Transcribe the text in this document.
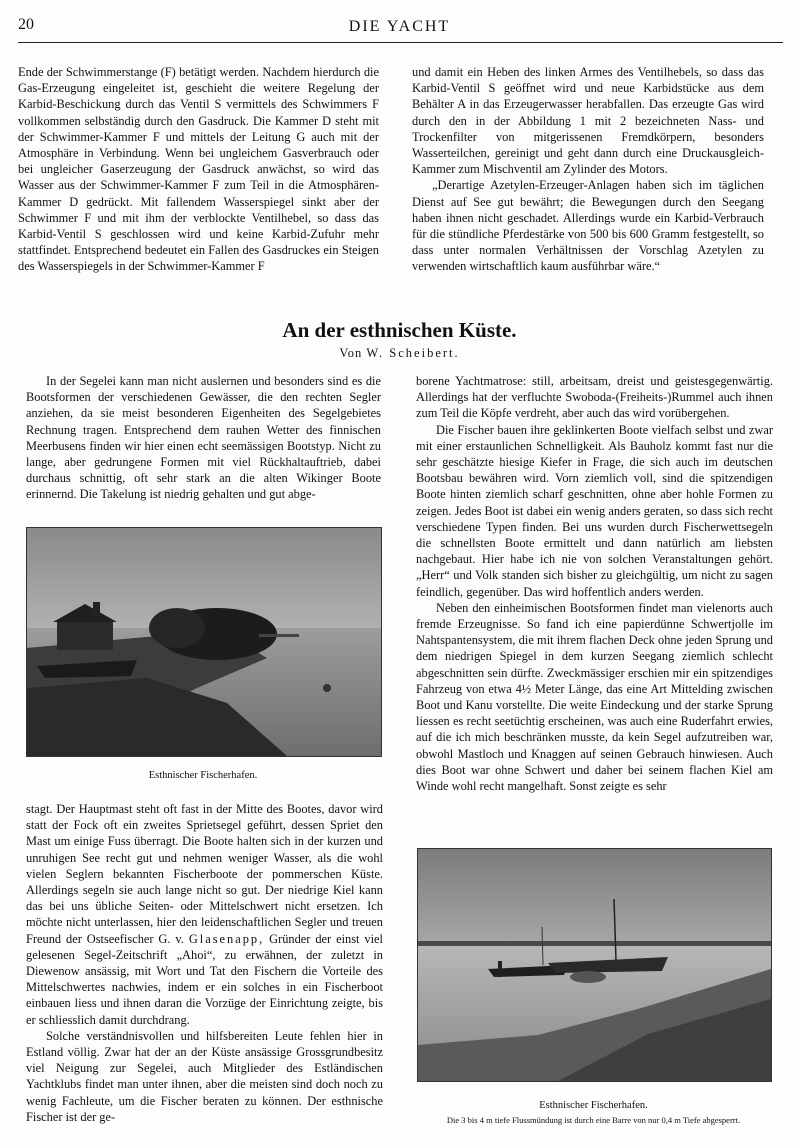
20	DIE YACHT

Ende der Schwimmerstange (F) betätigt werden. Nachdem hierdurch die Gas-Erzeugung eingeleitet ist, geschieht die weitere Regelung der Karbid-Beschickung durch das Ventil S vermittels des Schwimmers F vollkommen selbständig durch den Gasdruck. Die Kammer D steht mit der Schwimmer-Kammer F und mittels der Leitung G auch mit der Atmosphäre in Verbindung. Wenn bei ungleichem Gasverbrauch oder bei ungleicher Gaserzeugung der Gasdruck anwächst, so wird das Wasser aus der Schwimmer-Kammer F zum Teil in die Atmosphären-Kammer D gedrückt. Mit fallendem Wasserspiegel sinkt aber der Schwimmer F und mit ihm der verblockte Ventilhebel, so dass das Karbid-Ventil S geschlossen wird und keine Karbid-Zufuhr mehr stattfindet. Entsprechend bedeutet ein Fallen des Gasdruckes ein Steigen des Wasserspiegels in der Schwimmer-Kammer F

und damit ein Heben des linken Armes des Ventilhebels, so dass das Karbid-Ventil S geöffnet wird und neue Karbidstücke aus dem Behälter A in das Erzeugerwasser herabfallen. Das erzeugte Gas wird durch den in der Abbildung 1 mit 2 bezeichneten Nass- und Trockenfilter von mitgerissenen Fremdkörpern, besonders Wasserteilchen, gereinigt und geht dann durch eine Druckausgleich-Kammer zum Mischventil am Zylinder des Motors.

„Derartige Azetylen-Erzeuger-Anlagen haben sich im täglichen Dienst auf See gut bewährt; die Bewegungen durch den Seegang haben ihnen nicht geschadet. Allerdings wurde ein Karbid-Verbrauch für die stündliche Pferdestärke von 500 bis 600 Gramm festgestellt, so dass unter normalen Verhältnissen der Vorschlag Azetylen zu verwenden wirtschaftlich kaum ausführbar wäre.“

An der esthnischen Küste.
Von W. Scheibert.

In der Segelei kann man nicht auslernen und besonders sind es die Bootsformen der verschiedenen Gewässer, die den rechten Segler anziehen, da sie meist besonderen Eigenheiten des Segelgebietes Rechnung tragen. Entsprechend dem rauhen Wetter des finnischen Meerbusens finden wir hier einen echt seemässigen Bootstyp. Nicht zu lange, aber gedrungene Formen mit viel Rückhaltauftrieb, dabei durchaus schnittig, oft sehr stark an die alten Wikinger Boote erinnernd. Die Takelung ist niedrig gehalten und gut abge-

Esthnischer Fischerhafen.

stagt. Der Hauptmast steht oft fast in der Mitte des Bootes, davor wird statt der Fock oft ein zweites Sprietsegel geführt, dessen Spriet den Mast um einige Fuss überragt. Die Boote halten sich in der kurzen und unruhigen See recht gut und nehmen weniger Wasser, als die wohl vielen Seglern bekannten Fischerboote der pommerschen Küste. Allerdings segeln sie auch lange nicht so gut. Der niedrige Kiel kann das bei uns übliche Seiten- oder Mittelschwert nicht ersetzen. Ich möchte nicht unterlassen, hier den leidenschaftlichen Segler und treuen Freund der Ostseefischer G. v. Glasenapp, Gründer der einst viel gelesenen Segel-Zeitschrift „Ahoi“, zu erwähnen, der zuletzt in Diewenow ansässig, mit Wort und Tat den Fischern die Vorteile des Mittelschwertes nachwies, indem er ein solches in ein Fischerboot einbauen liess und ihnen daran die Vorzüge der Einrichtung zeigte, bis er schliesslich damit durchdrang.

Solche verständnisvollen und hilfsbereiten Leute fehlen hier in Estland völlig. Zwar hat der an der Küste ansässige Grossgrundbesitz viel Neigung zur Segelei, auch Mitglieder des Estländischen Yachtklubs findet man unter ihnen, aber die meisten sind doch noch zu wenig Fachleute, um die Fischer beraten zu können. Der esthnische Fischer ist der ge-

borene Yachtmatrose: still, arbeitsam, dreist und geistesgegenwärtig. Allerdings hat der verfluchte Swoboda-(Freiheits-)Rummel auch ihnen zum Teil die Köpfe verdreht, aber auch das wird vorübergehen.

Die Fischer bauen ihre geklinkerten Boote vielfach selbst und zwar mit einer erstaunlichen Schnelligkeit. Als Bauholz kommt fast nur die sehr geschätzte hiesige Kiefer in Frage, die sich auch im deutschen Bootsbau bewähren wird. Vorn ziemlich voll, sind die spitzendigen Boote hinten ziemlich scharf geschnitten, ohne aber hohle Formen zu zeigen. Jedes Boot ist dabei ein wenig anders geraten, so dass sich recht verschiedene Typen finden. Bei uns wurden durch Fischerwettsegeln die schnellsten Boote ermittelt und dann natürlich am liebsten nachgebaut. Hier habe ich nie von solchen Veranstaltungen gehört. „Herr“ und Volk standen sich bisher zu gleichgültig, um nicht zu sagen feindlich, gegenüber. Das wird hoffentlich anders werden.

Neben den einheimischen Bootsformen findet man vielenorts auch fremde Erzeugnisse. So fand ich eine papierdünne Schwertjolle im Nahtspantensystem, die mit ihrem flachen Deck ohne jeden Sprung und dem niedrigen Spiegel in dem kurzen Seegang ziemlich schlecht abgeschnitten sein dürfte. Zweckmässiger erschien mir ein spitzendiges Fahrzeug von etwa 4½ Meter Länge, das eine Art Mittelding zwischen Boot und Kanu vorstellte. Die weite Eindeckung und der starke Sprung liessen es recht seetüchtig erscheinen, was auch eine Ruderfahrt erwies, auf die ich mich beschränken musste, da kein Segel aufzutreiben war, obwohl Mastloch und Knaggen auf seinen Gebrauch hinwiesen. Auch dies Boot war ohne Schwert und daher bei seinem flachen Kiel am Winde wohl recht mangelhaft. Sonst zeigte es sehr

Esthnischer Fischerhafen.
Die 3 bis 4 m tiefe Flussmündung ist durch eine Barre von nur 0,4 m Tiefe abgesperrt.
